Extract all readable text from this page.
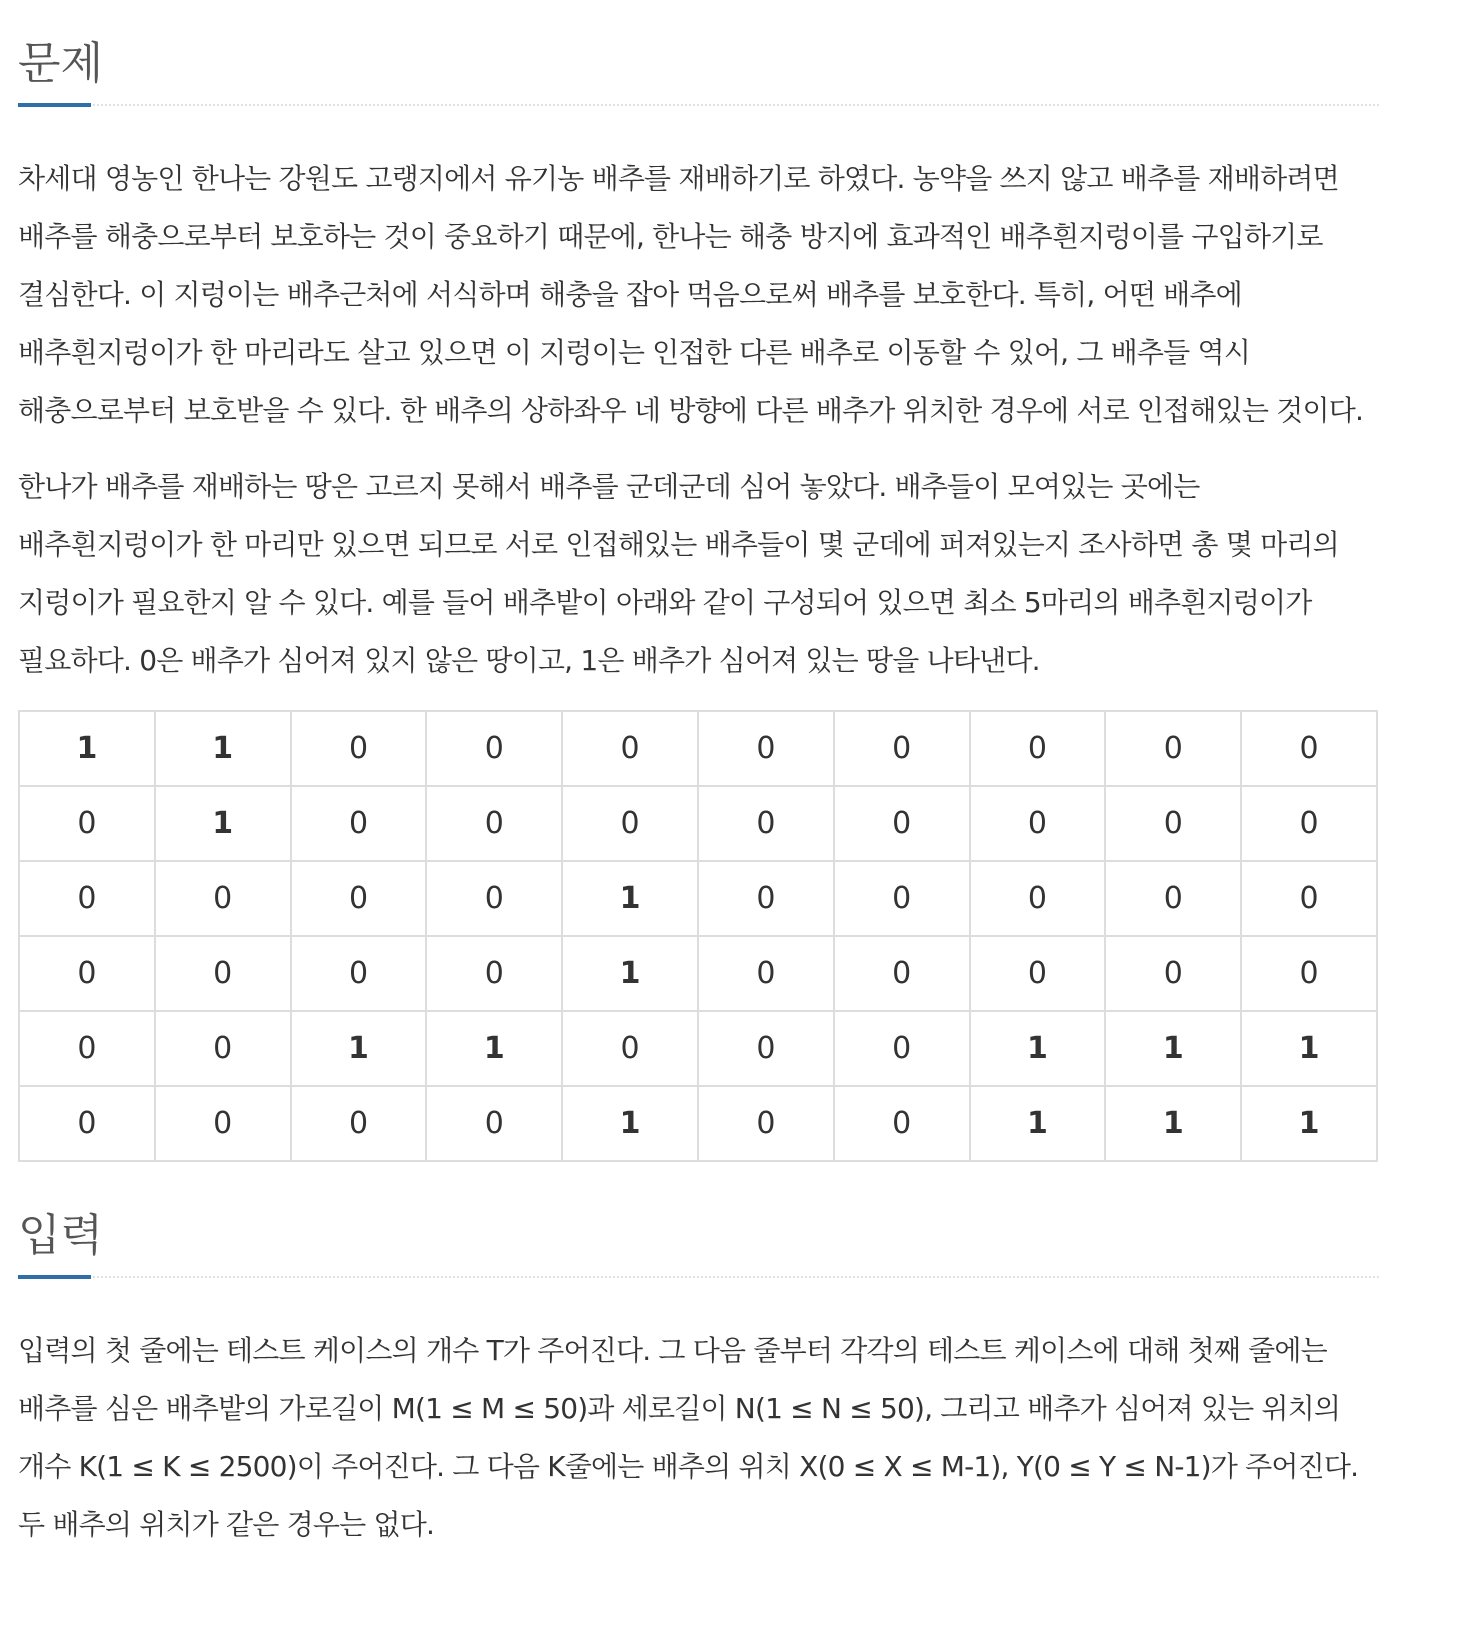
문제

차세대 영농인 한나는 강원도 고랭지에서 유기농 배추를 재배하기로 하였다. 농약을 쓰지 않고 배추를 재배하려면 배추를 해충으로부터 보호하는 것이 중요하기 때문에, 한나는 해충 방지에 효과적인 배추흰지렁이를 구입하기로 결심한다. 이 지렁이는 배추근처에 서식하며 해충을 잡아 먹음으로써 배추를 보호한다. 특히, 어떤 배추에 배추흰지렁이가 한 마리라도 살고 있으면 이 지렁이는 인접한 다른 배추로 이동할 수 있어, 그 배추들 역시 해충으로부터 보호받을 수 있다. 한 배추의 상하좌우 네 방향에 다른 배추가 위치한 경우에 서로 인접해있는 것이다.

한나가 배추를 재배하는 땅은 고르지 못해서 배추를 군데군데 심어 놓았다. 배추들이 모여있는 곳에는 배추흰지렁이가 한 마리만 있으면 되므로 서로 인접해있는 배추들이 몇 군데에 퍼져있는지 조사하면 총 몇 마리의 지렁이가 필요한지 알 수 있다. 예를 들어 배추밭이 아래와 같이 구성되어 있으면 최소 5마리의 배추흰지렁이가 필요하다. 0은 배추가 심어져 있지 않은 땅이고, 1은 배추가 심어져 있는 땅을 나타낸다.

1	1	0	0	0	0	0	0	0	0
0	1	0	0	0	0	0	0	0	0
0	0	0	0	1	0	0	0	0	0
0	0	0	0	1	0	0	0	0	0
0	0	1	1	0	0	0	1	1	1
0	0	0	0	1	0	0	1	1	1
입력

입력의 첫 줄에는 테스트 케이스의 개수 T가 주어진다. 그 다음 줄부터 각각의 테스트 케이스에 대해 첫째 줄에는 배추를 심은 배추밭의 가로길이 M(1 ≤ M ≤ 50)과 세로길이 N(1 ≤ N ≤ 50), 그리고 배추가 심어져 있는 위치의 개수 K(1 ≤ K ≤ 2500)이 주어진다. 그 다음 K줄에는 배추의 위치 X(0 ≤ X ≤ M-1), Y(0 ≤ Y ≤ N-1)가 주어진다. 두 배추의 위치가 같은 경우는 없다.
